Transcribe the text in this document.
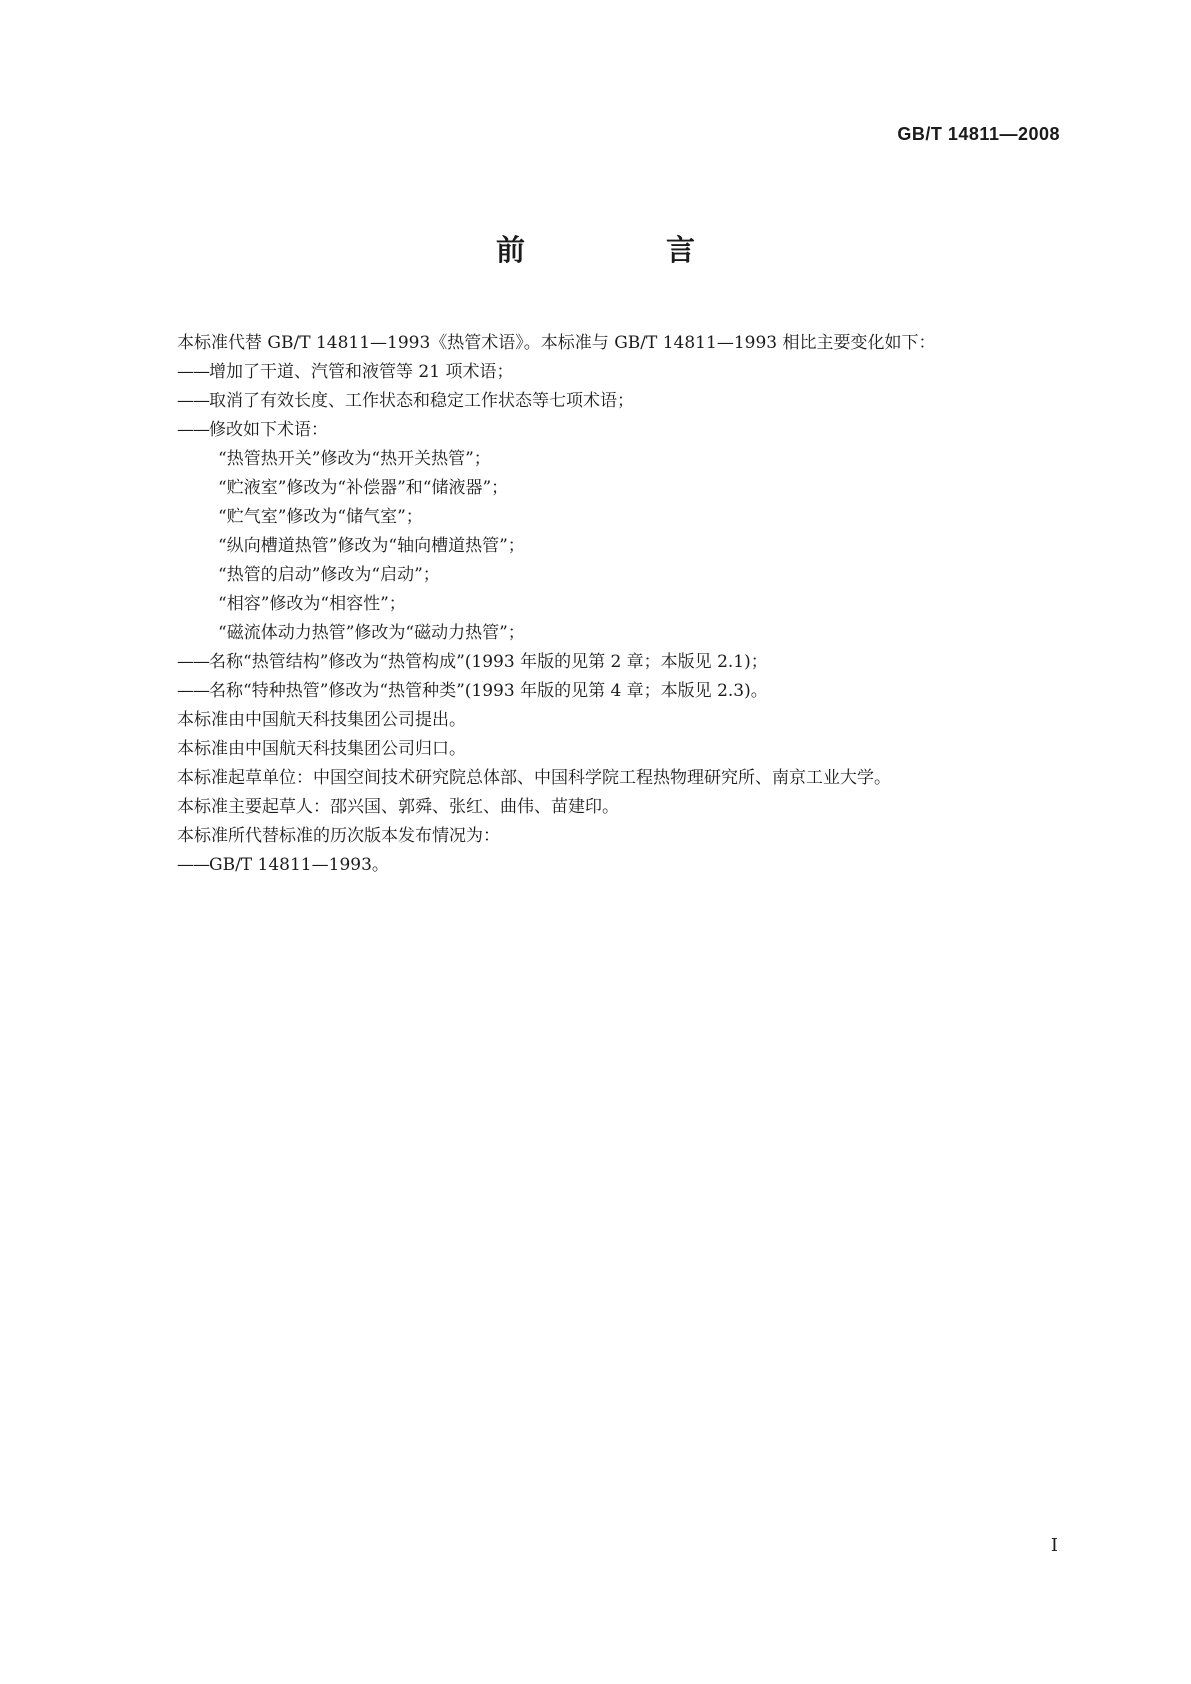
GB/T 14811—2008
前　言
本标准代替 GB/T 14811—1993《热管术语》。本标准与 GB/T 14811—1993 相比主要变化如下：
——增加了干道、汽管和液管等 21 项术语；
——取消了有效长度、工作状态和稳定工作状态等七项术语；
——修改如下术语：
“热管热开关”修改为“热开关热管”；
“贮液室”修改为“补偿器”和“储液器”；
“贮气室”修改为“储气室”；
“纵向槽道热管”修改为“轴向槽道热管”；
“热管的启动”修改为“启动”；
“相容”修改为“相容性”；
“磁流体动力热管”修改为“磁动力热管”；
——名称“热管结构”修改为“热管构成”(1993 年版的见第 2 章；本版见 2.1)；
——名称“特种热管”修改为“热管种类”(1993 年版的见第 4 章；本版见 2.3)。
本标准由中国航天科技集团公司提出。
本标准由中国航天科技集团公司归口。
本标准起草单位：中国空间技术研究院总体部、中国科学院工程热物理研究所、南京工业大学。
本标准主要起草人：邵兴国、郭舜、张红、曲伟、苗建印。
本标准所代替标准的历次版本发布情况为：
——GB/T 14811—1993。
I
